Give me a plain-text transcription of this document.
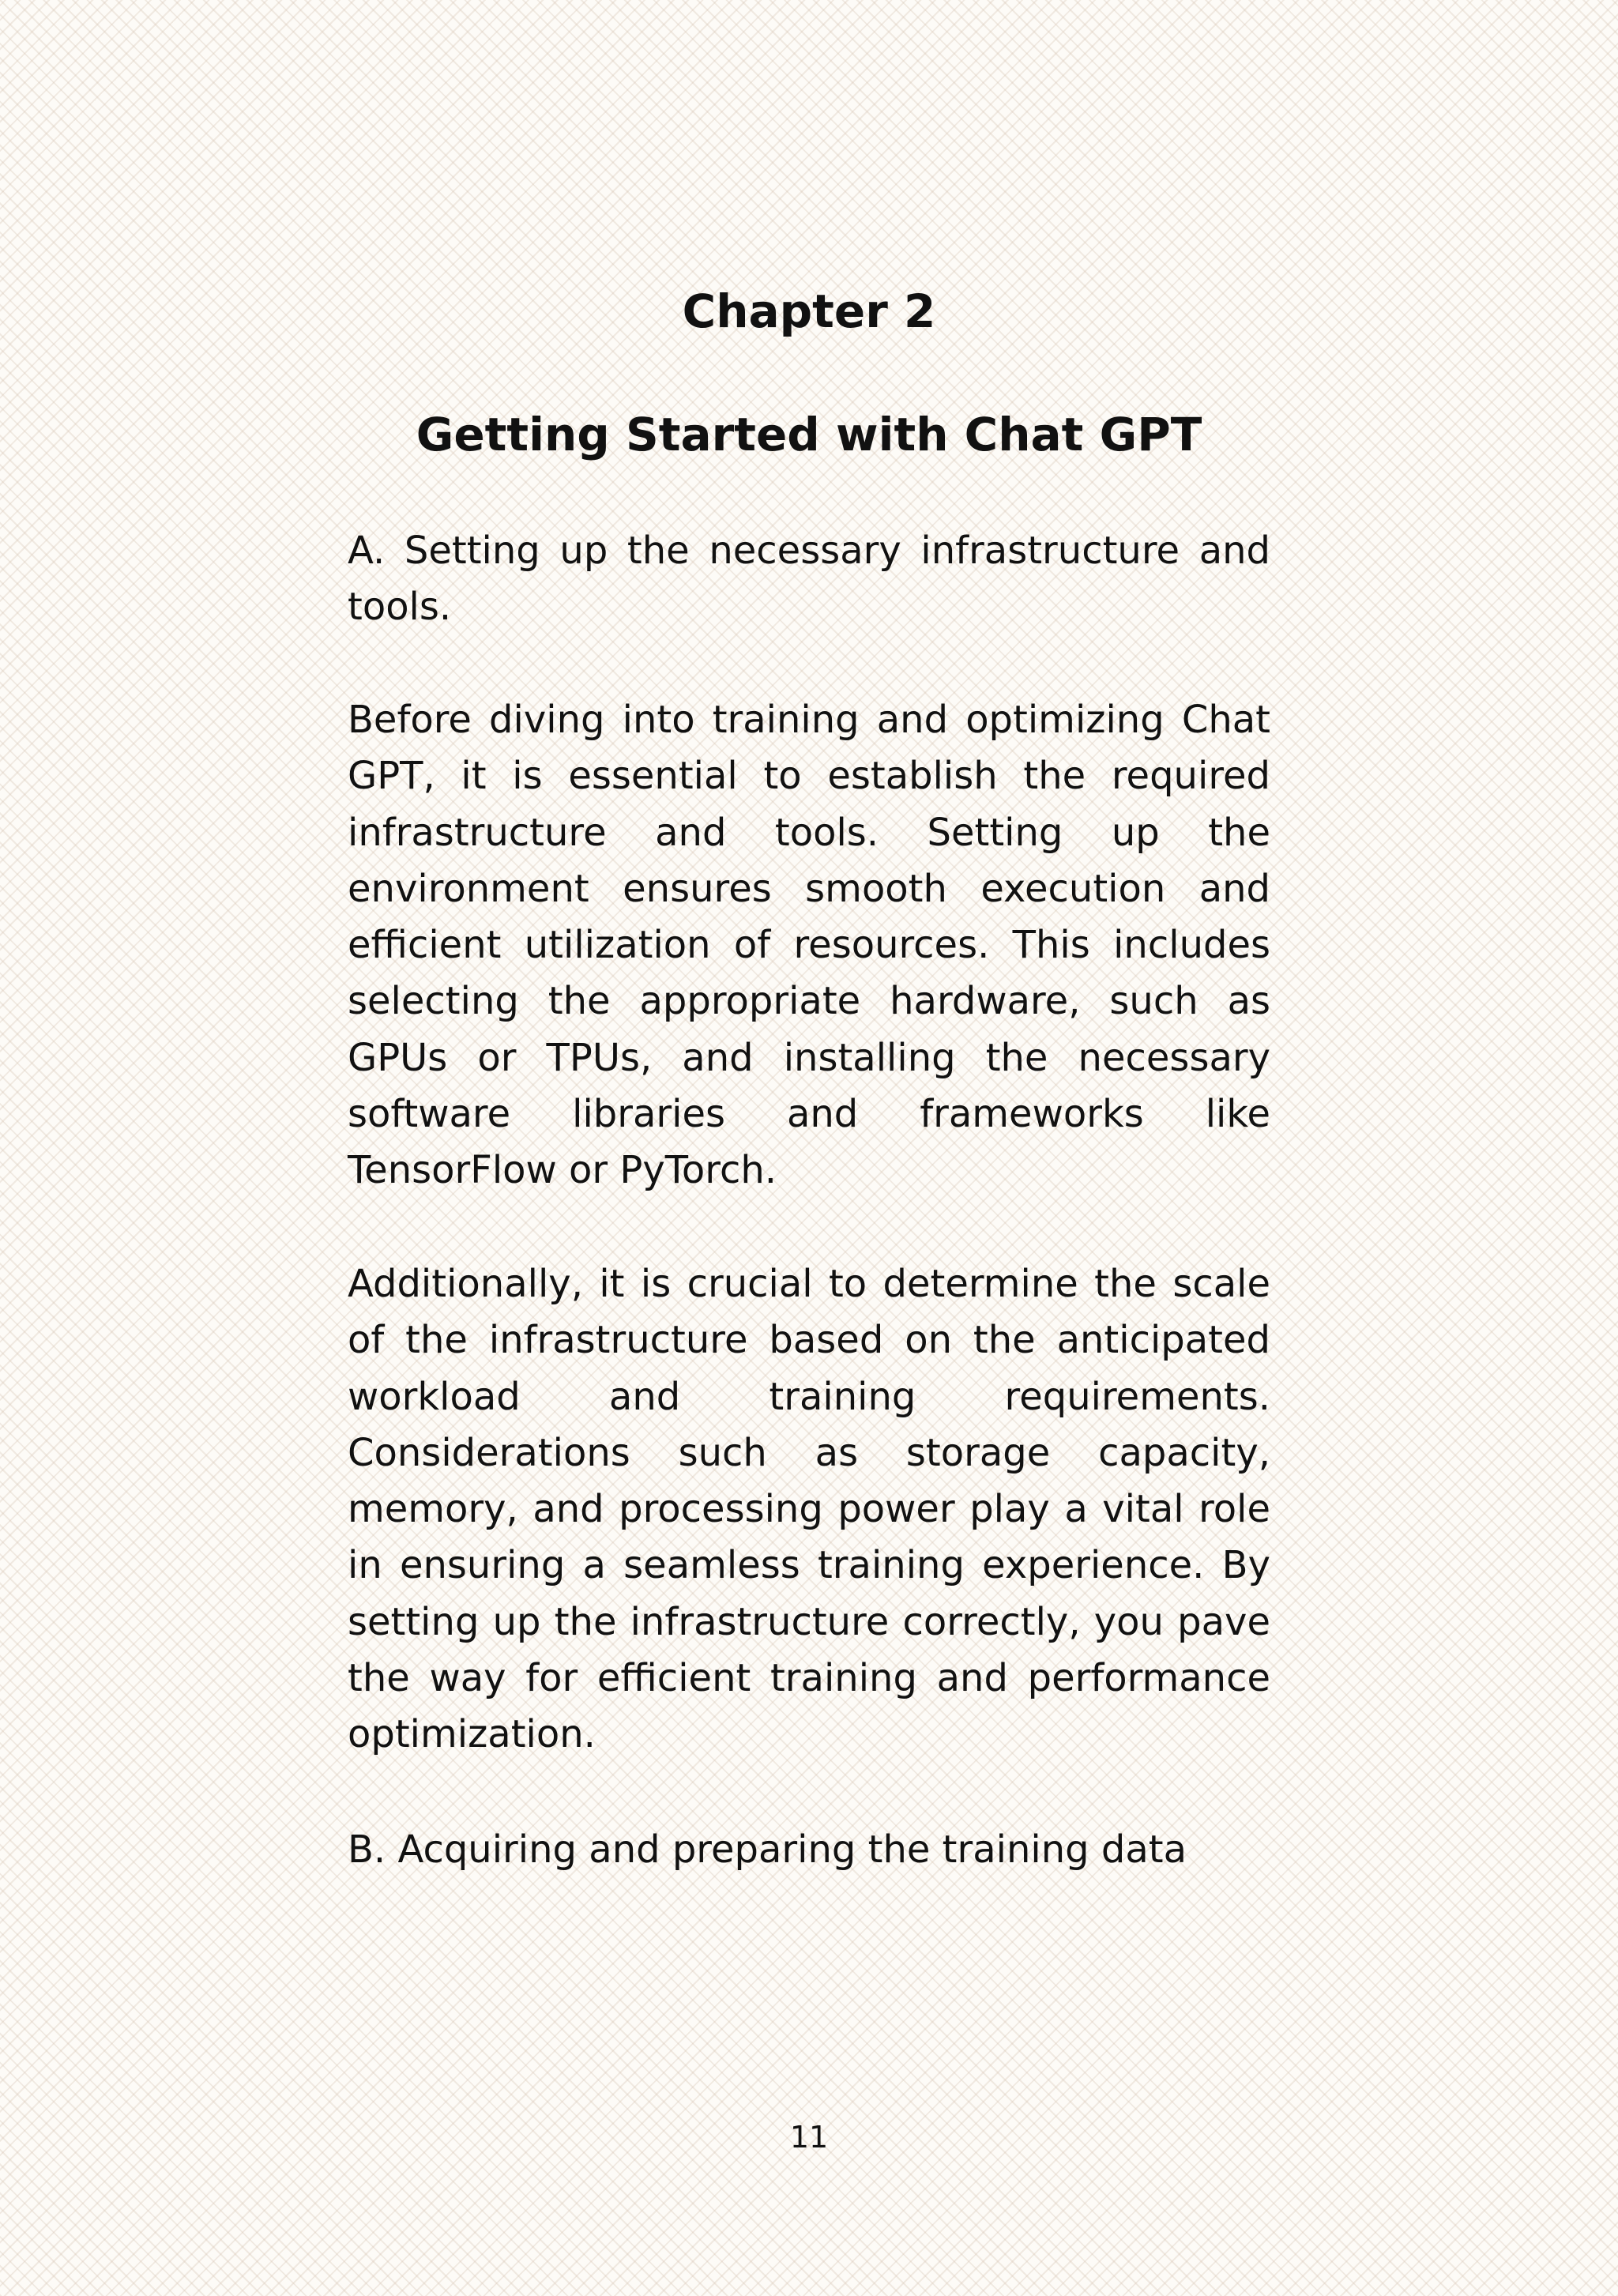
Chapter 2
Getting Started with Chat GPT

A. Setting up the necessary infrastructure and tools.

Before diving into training and optimizing Chat GPT, it is essential to establish the required infrastructure and tools. Setting up the environment ensures smooth execution and efficient utilization of resources. This includes selecting the appropriate hardware, such as GPUs or TPUs, and installing the necessary software libraries and frameworks like TensorFlow or PyTorch.

Additionally, it is crucial to determine the scale of the infrastructure based on the anticipated workload and training requirements. Considerations such as storage capacity, memory, and processing power play a vital role in ensuring a seamless training experience. By setting up the infrastructure correctly, you pave the way for efficient training and performance optimization.

B. Acquiring and preparing the training data

11
